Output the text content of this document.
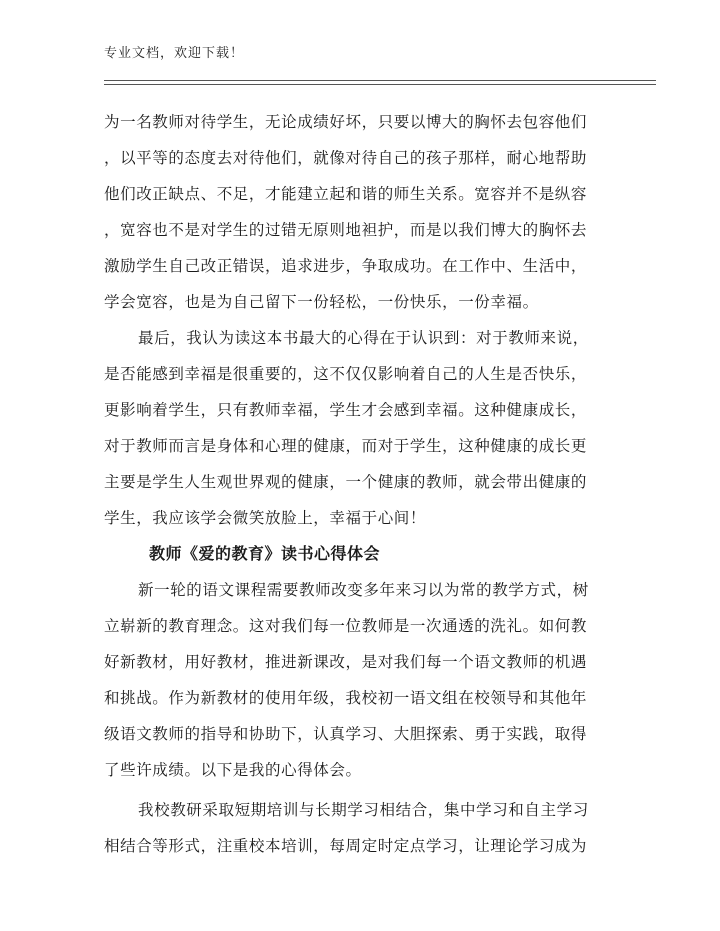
专业文档，欢迎下载！
为一名教师对待学生，无论成绩好坏，只要以博大的胸怀去包容他们
，以平等的态度去对待他们，就像对待自己的孩子那样，耐心地帮助
他们改正缺点、不足，才能建立起和谐的师生关系。宽容并不是纵容
，宽容也不是对学生的过错无原则地袒护，而是以我们博大的胸怀去
激励学生自己改正错误，追求进步，争取成功。在工作中、生活中，
学会宽容，也是为自己留下一份轻松，一份快乐，一份幸福。
最后，我认为读这本书最大的心得在于认识到：对于教师来说，
是否能感到幸福是很重要的，这不仅仅影响着自己的人生是否快乐，
更影响着学生，只有教师幸福，学生才会感到幸福。这种健康成长，
对于教师而言是身体和心理的健康，而对于学生，这种健康的成长更
主要是学生人生观世界观的健康，一个健康的教师，就会带出健康的
学生，我应该学会微笑放脸上，幸福于心间！
教师《爱的教育》读书心得体会
新一轮的语文课程需要教师改变多年来习以为常的教学方式，树
立崭新的教育理念。这对我们每一位教师是一次通透的洗礼。如何教
好新教材，用好教材，推进新课改，是对我们每一个语文教师的机遇
和挑战。作为新教材的使用年级，我校初一语文组在校领导和其他年
级语文教师的指导和协助下，认真学习、大胆探索、勇于实践，取得
了些许成绩。以下是我的心得体会。
我校教研采取短期培训与长期学习相结合，集中学习和自主学习
相结合等形式，注重校本培训，每周定时定点学习，让理论学习成为
